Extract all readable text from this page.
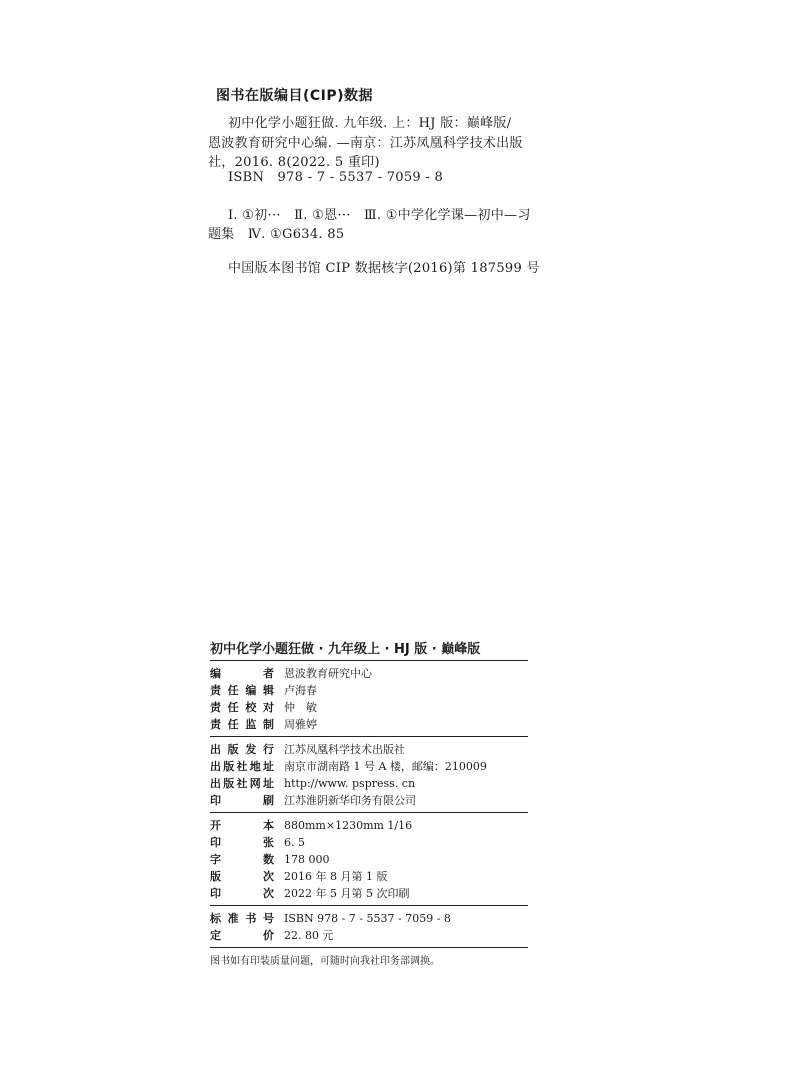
图书在版编目(CIP)数据
初中化学小题狂做. 九年级. 上：HJ 版：巅峰版/
恩波教育研究中心编. —南京：江苏凤凰科学技术出版
社，2016. 8(2022. 5 重印)
ISBN   978 - 7 - 5537 - 7059 - 8
Ⅰ. ①初···   Ⅱ. ①恩···   Ⅲ. ①中学化学课—初中—习
题集   Ⅳ. ①G634. 85
中国版本图书馆 CIP 数据核字(2016)第 187599 号
初中化学小题狂做 · 九年级上 · HJ 版 · 巅峰版
编　者 恩波教育研究中心
责任编辑 卢海春
责任校对 仲　敏
责任监制 周雅婷
出版发行 江苏凤凰科学技术出版社
出版社地址 南京市湖南路 1 号 A 楼，邮编：210009
出版社网址 http://www. pspress. cn
印　刷 江苏淮阴新华印务有限公司
开　本 880mm×1230mm 1/16
印　张 6. 5
字　数 178 000
版　次 2016 年 8 月第 1 版
印　次 2022 年 5 月第 5 次印刷
标准书号 ISBN 978 - 7 - 5537 - 7059 - 8
定　价 22. 80 元
图书如有印装质量问题，可随时向我社印务部调换。
